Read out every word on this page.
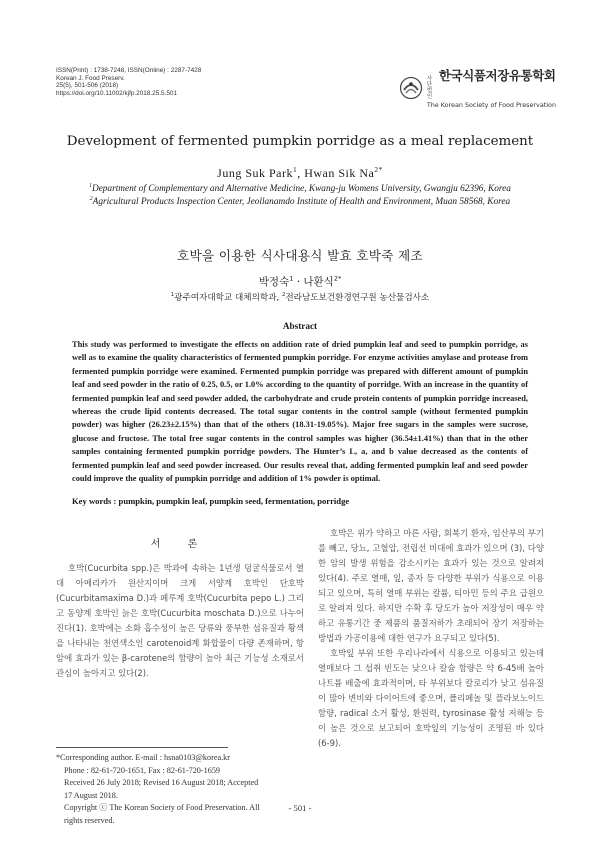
ISSN(Print) : 1738-7248, ISSN(Online) : 2287-7428
Korean J. Food Preserv.
25(5), 501-506 (2018)
https://doi.org/10.11002/kjfp.2018.25.5.501
사단법인
한국식품저장유통학회
The Korean Society of Food Preservation
Development of fermented pumpkin porridge as a meal replacement
Jung Suk Park$^1$, Hwan Sik $Na^{2*}$
$^1$Department of Complementary and Alternative Medicine, Kwang-ju Womens University, Gwangju 62396, Korea
$^2$Agricultural Products Inspection Center, Jeollanamdo Institute of Health and Environment, Muan 58568, Korea
호박을 이용한 식사대용식 발효 호박죽 제조
박정숙$^1$ · 나환식$^{2*}$
$^1$광주여자대학교 대체의학과, $^2$전라남도보건환경연구원 농산물검사소
Abstract
This study was performed to investigate the effects on addition rate of dried pumpkin leaf and seed to pumpkin porridge, as well as to examine the quality characteristics of fermented pumpkin porridge. For enzyme activities amylase and protease from fermented pumpkin porridge were examined. Fermented pumpkin porridge was prepared with different amount of pumpkin leaf and seed powder in the ratio of 0.25, 0.5, or 1.0% according to the quantity of porridge. With an increase in the quantity of fermented pumpkin leaf and seed powder added, the carbohydrate and crude protein contents of pumpkin porridge increased, whereas the crude lipid contents decreased. The total sugar contents in the control sample (without fermented pumpkin powder) was higher (26.23±2.15%) than that of the others (18.31-19.05%). Major free sugars in the samples were sucrose, glucose and fructose. The total free sugar contents in the control samples was higher (36.54±1.41%) than that in the other samples containing fermented pumpkin porridge powders. The Hunter’s L, a, and b value decreased as the contents of fermented pumpkin leaf and seed powder increased. Our results reveal that, adding fermented pumpkin leaf and seed powder could improve the quality of pumpkin porridge and addition of 1% powder is optimal.
Key words : pumpkin, pumpkin leaf, pumpkin seed, fermentation, porridge
서 론

호박(Cucurbita spp.)은 박과에 속하는 1년생 덩굴식물로서 열대 아메리카가 원산지이며 크게 서양계 호박인 단호박(Cucurbitamaxima D.)과 페루계 호박(Cucurbita pepo L.) 그리고 동양계 호박인 늙은 호박(Cucurbita moschata D.)으로 나누어진다(1). 호박에는 소화 흡수성이 높은 당류와 풍부한 섬유질과 황색을 나타내는 천연색소인 carotenoid계 화합물이 다량 존재하며, 항암에 효과가 있는 β-carotene의 함량이 높아 최근 기능성 소재로서 관심이 높아지고 있다(2).

호박은 위가 약하고 마른 사람, 회복기 환자, 임산부의 부기를 빼고, 당뇨, 고혈압, 전립선 비대에 효과가 있으며 (3), 다양한 암의 발생 위험을 감소시키는 효과가 있는 것으로 알려져 있다(4). 주로 열매, 잎, 종자 등 다양한 부위가 식용으로 이용되고 있으며, 특히 열매 부위는 칼륨, 티아민 등의 주요 급원으로 알려져 있다. 하지만 수확 후 당도가 높아 저장성이 매우 약하고 유통기간 중 제품의 품질저하가 초래되어 장기 저장하는 방법과 가공이용에 대한 연구가 요구되고 있다(5).

호박잎 부위 또한 우리나라에서 식용으로 이용되고 있는데 열매보다 그 섭취 빈도는 낮으나 칼슘 함량은 약 6-45배 높아 나트륨 배출에 효과적이며, 타 부위보다 칼로리가 낮고 섬유질이 많아 변비와 다이어트에 좋으며, 폴리페놀 및 플라보노이드 함량, radical 소거 활성, 환원력, tyrosinase 활성 저해능 등이 높은 것으로 보고되어 호박잎의 기능성이 조명된 바 있다(6-9).

*Corresponding author. E-mail : hsna0103@korea.kr
Phone : 82-61-720-1651, Fax : 82-61-720-1659
Received 26 July 2018; Revised 16 August 2018; Accepted
17 August 2018.
Copyright ⓒ The Korean Society of Food Preservation. All
rights reserved.
- 501 -
